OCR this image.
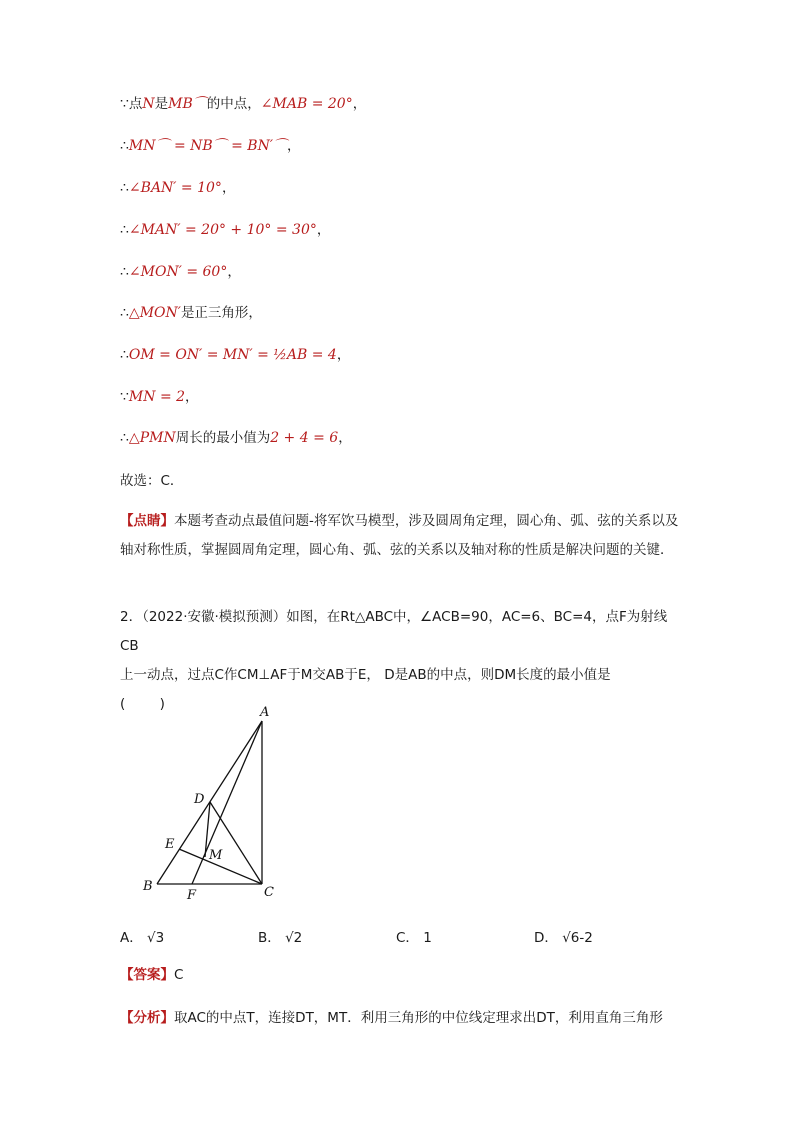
∵点N是MB⌒的中点，∠MAB = 20°，
∴MN⌒ = NB⌒ = BN′⌒，
∴∠BAN′ = 10°，
∴∠MAN′ = 20° + 10° = 30°，
∴∠MON′ = 60°，
∴△MON′是正三角形，
∴OM = ON′ = MN′ = ½AB = 4，
∵MN = 2，
∴△PMN周长的最小值为2 + 4 = 6，
故选：C．
【点睛】本题考查动点最值问题-将军饮马模型，涉及圆周角定理，圆心角、弧、弦的关系以及轴对称性质，掌握圆周角定理，圆心角、弧、弦的关系以及轴对称的性质是解决问题的关键．
2．（2022·安徽·模拟预测）如图，在Rt△ABC中，∠ACB=90，AC=6、BC=4，点F为射线CB
上一动点，过点C作CM⊥AF于M交AB于E， D是AB的中点，则DM长度的最小值是
(        )
A
D
E
M
B
F	C
A． √3	B． √2	C． 1	D． √6-2
【答案】C
【分析】取AC的中点T，连接DT，MT．利用三角形的中位线定理求出DT，利用直角三角形
